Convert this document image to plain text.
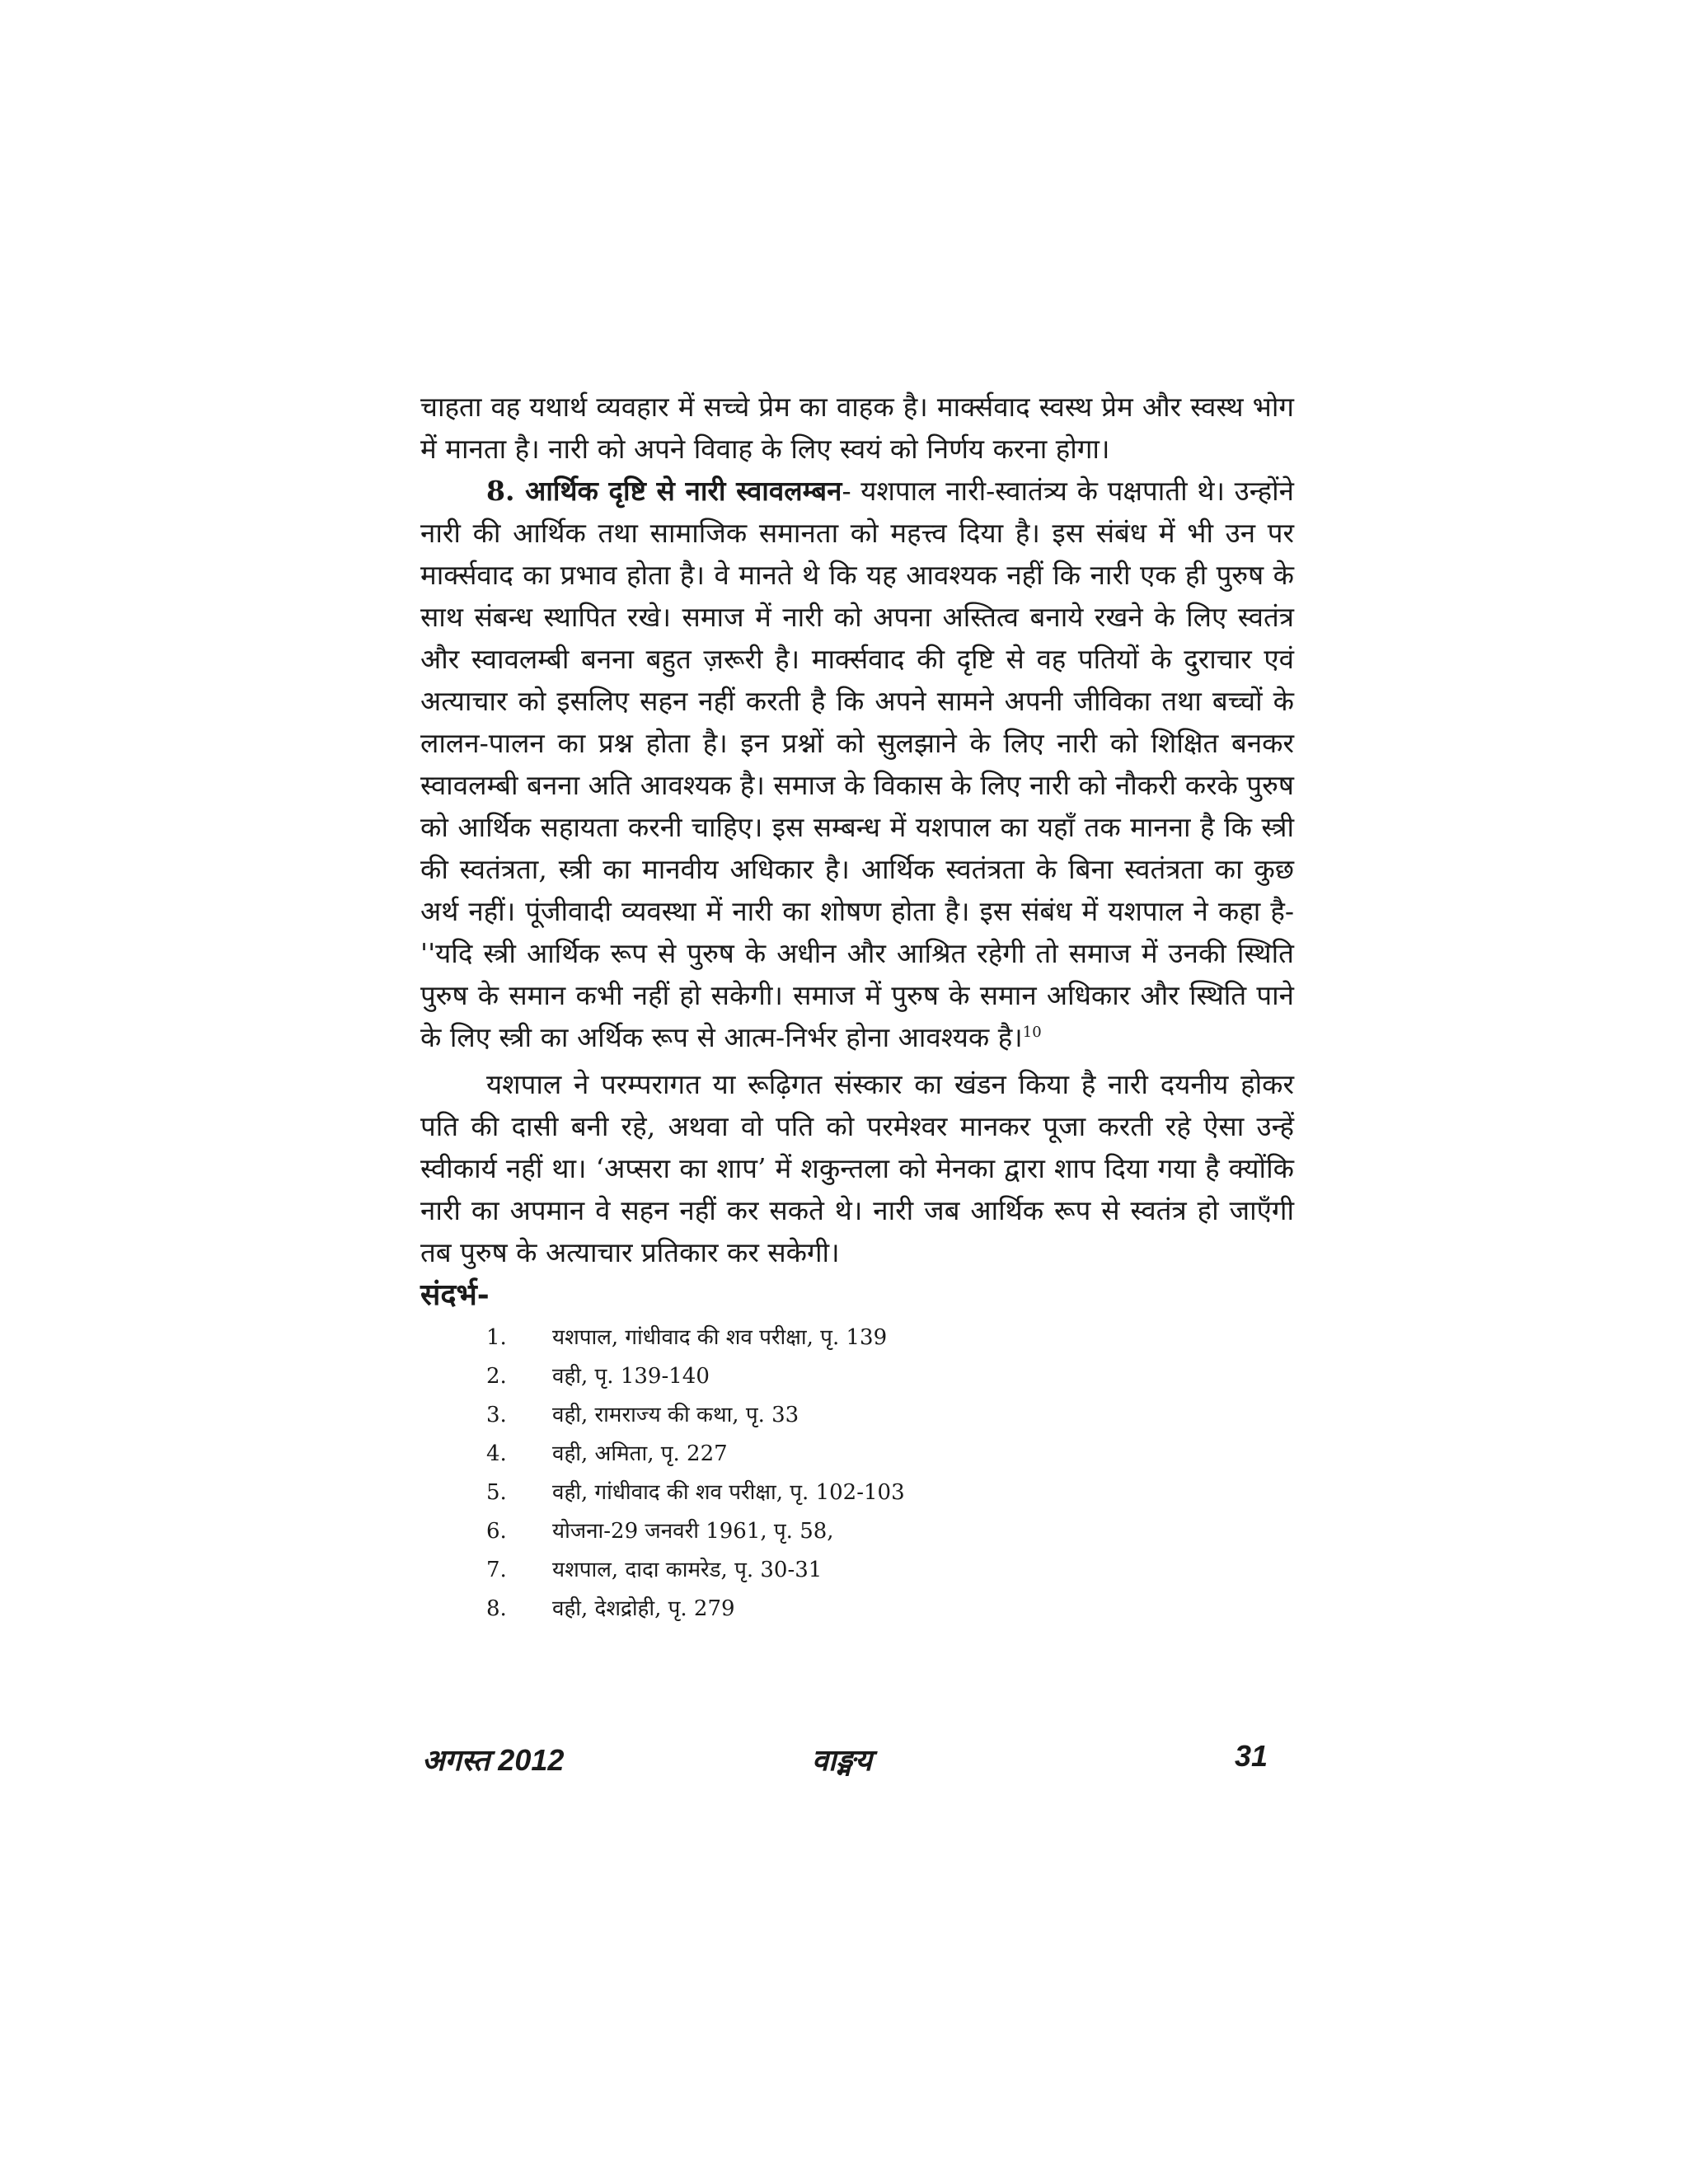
चाहता वह यथार्थ व्यवहार में सच्चे प्रेम का वाहक है। मार्क्सवाद स्वस्थ प्रेम और स्वस्थ भोग में मानता है। नारी को अपने विवाह के लिए स्वयं को निर्णय करना होगा।

8. आर्थिक दृष्टि से नारी स्वावलम्बन- यशपाल नारी-स्वातंत्र्य के पक्षपाती थे। उन्होंने नारी की आर्थिक तथा सामाजिक समानता को महत्त्व दिया है। इस संबंध में भी उन पर मार्क्सवाद का प्रभाव होता है। वे मानते थे कि यह आवश्यक नहीं कि नारी एक ही पुरुष के साथ संबन्ध स्थापित रखे। समाज में नारी को अपना अस्तित्व बनाये रखने के लिए स्वतंत्र और स्वावलम्बी बनना बहुत ज़रूरी है। मार्क्सवाद की दृष्टि से वह पतियों के दुराचार एवं अत्याचार को इसलिए सहन नहीं करती है कि अपने सामने अपनी जीविका तथा बच्चों के लालन-पालन का प्रश्न होता है। इन प्रश्नों को सुलझाने के लिए नारी को शिक्षित बनकर स्वावलम्बी बनना अति आवश्यक है। समाज के विकास के लिए नारी को नौकरी करके पुरुष को आर्थिक सहायता करनी चाहिए। इस सम्बन्ध में यशपाल का यहाँ तक मानना है कि स्त्री की स्वतंत्रता, स्त्री का मानवीय अधिकार है। आर्थिक स्वतंत्रता के बिना स्वतंत्रता का कुछ अर्थ नहीं। पूंजीवादी व्यवस्था में नारी का शोषण होता है। इस संबंध में यशपाल ने कहा है- ''यदि स्त्री आर्थिक रूप से पुरुष के अधीन और आश्रित रहेगी तो समाज में उनकी स्थिति पुरुष के समान कभी नहीं हो सकेगी। समाज में पुरुष के समान अधिकार और स्थिति पाने के लिए स्त्री का अर्थिक रूप से आत्म-निर्भर होना आवश्यक है।$^{10}$

यशपाल ने परम्परागत या रूढ़िगत संस्कार का खंडन किया है नारी दयनीय होकर पति की दासी बनी रहे, अथवा वो पति को परमेश्वर मानकर पूजा करती रहे ऐसा उन्हें स्वीकार्य नहीं था। ‘अप्सरा का शाप’ में शकुन्तला को मेनका द्वारा शाप दिया गया है क्योंकि नारी का अपमान वे सहन नहीं कर सकते थे। नारी जब आर्थिक रूप से स्वतंत्र हो जाएँगी तब पुरुष के अत्याचार प्रतिकार कर सकेगी।

संदर्भ-
1. यशपाल, गांधीवाद की शव परीक्षा, पृ. 139
2. वही, पृ. 139-140
3. वही, रामराज्य की कथा, पृ. 33
4. वही, अमिता, पृ. 227
5. वही, गांधीवाद की शव परीक्षा, पृ. 102-103
6. योजना-29 जनवरी 1961, पृ. 58,
7. यशपाल, दादा कामरेड, पृ. 30-31
8. वही, देशद्रोही, पृ. 279
अगस्त 2012	वाङ्मय	31
